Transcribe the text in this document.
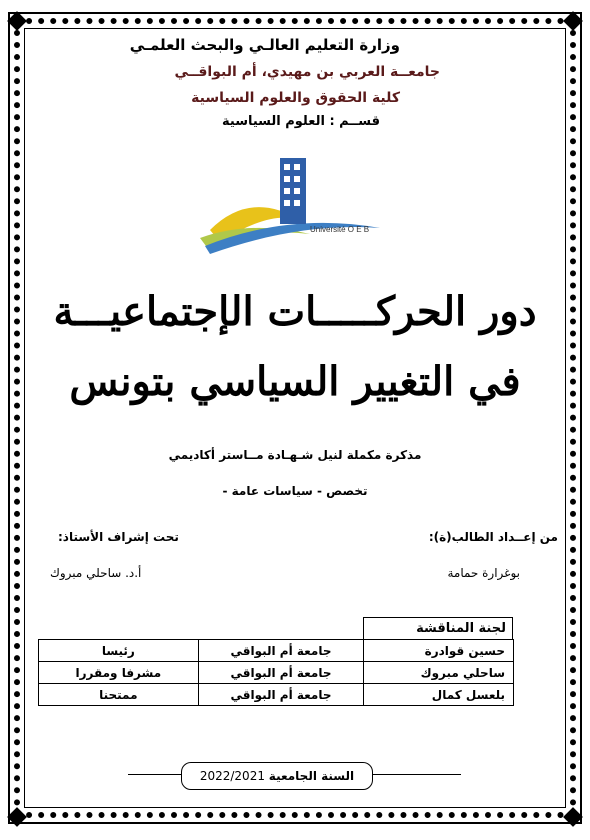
وزارة التعليم العالـي والبحث العلمـي
جامعــة العربي بن مهيدي، أم البواقــي
كلية الحقوق والعلوم السياسية
قســم : العلوم السياسية
Université O E B
دور الحركـــــات الإجتماعيـــة
في التغيير السياسي بتونس
مذكرة مكملة لنيل شـهـادة مــاستر أكاديمي
تخصص - سياسات عامة -
من إعــداد الطالب(ة):
بوغرارة حمامة
تحت إشراف الأستاذ:
أ.د. ساحلي مبروك
لجنة المناقشة
حسين قوادرة	جامعة أم البواقي	رئيسا
ساحلي مبروك	جامعة أم البواقي	مشرفا ومقررا
بلعسل كمال	جامعة أم البواقي	ممتحنا
السنة الجامعية 2022/2021
